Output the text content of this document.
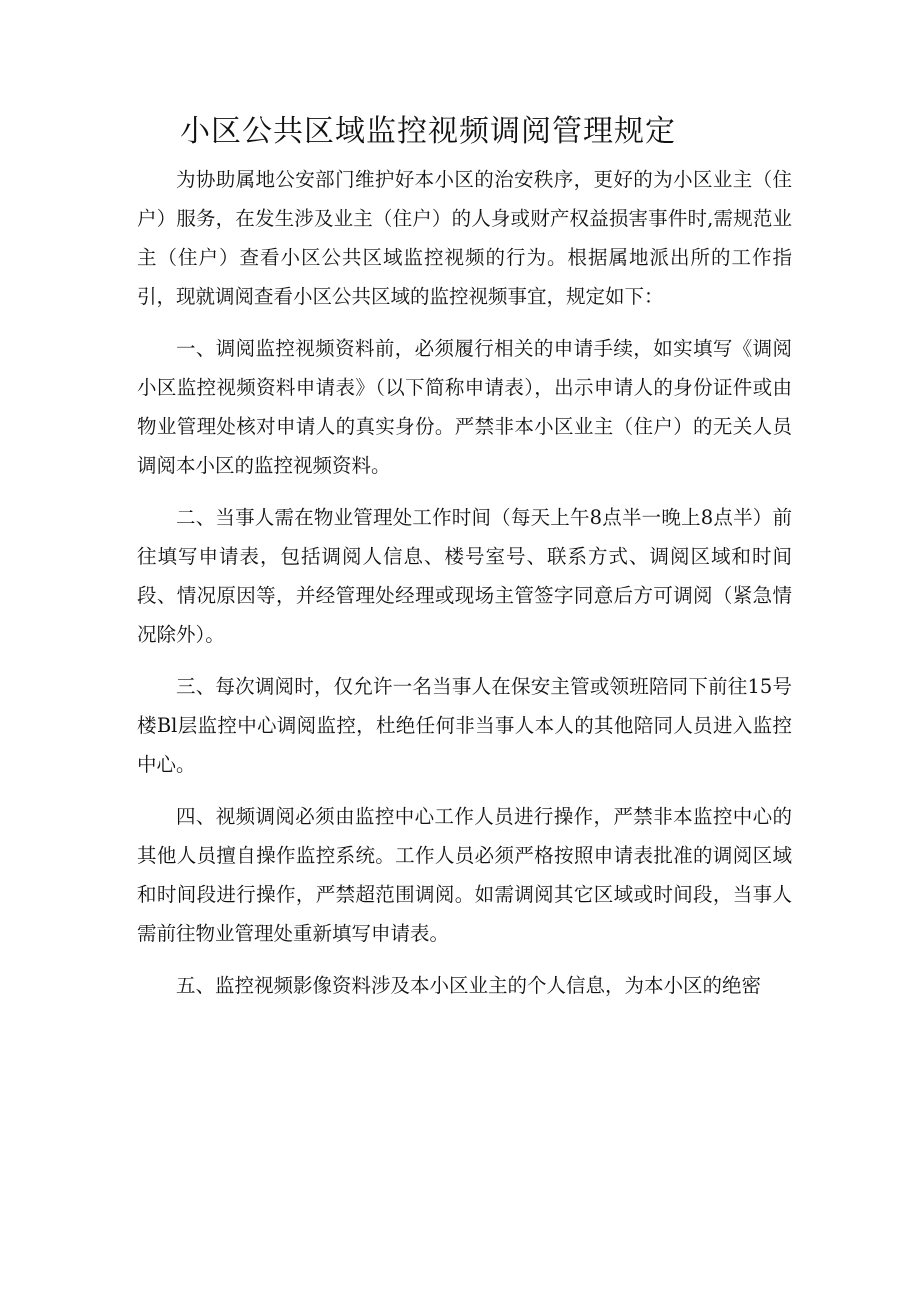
小区公共区域监控视频调阅管理规定

为协助属地公安部门维护好本小区的治安秩序，更好的为小区业主（住户）服务，在发生涉及业主（住户）的人身或财产权益损害事件时,需规范业主（住户）查看小区公共区域监控视频的行为。根据属地派出所的工作指引，现就调阅查看小区公共区域的监控视频事宜，规定如下：

一、调阅监控视频资料前，必须履行相关的申请手续，如实填写《调阅小区监控视频资料申请表》（以下简称申请表），出示申请人的身份证件或由物业管理处核对申请人的真实身份。严禁非本小区业主（住户）的无关人员调阅本小区的监控视频资料。

二、当事人需在物业管理处工作时间（每天上午8点半一晚上8点半）前往填写申请表，包括调阅人信息、楼号室号、联系方式、调阅区域和时间段、情况原因等，并经管理处经理或现场主管签字同意后方可调阅（紧急情况除外）。

三、每次调阅时，仅允许一名当事人在保安主管或领班陪同下前往15号楼Bl层监控中心调阅监控，杜绝任何非当事人本人的其他陪同人员进入监控中心。

四、视频调阅必须由监控中心工作人员进行操作，严禁非本监控中心的其他人员擅自操作监控系统。工作人员必须严格按照申请表批准的调阅区域和时间段进行操作，严禁超范围调阅。如需调阅其它区域或时间段，当事人需前往物业管理处重新填写申请表。

五、监控视频影像资料涉及本小区业主的个人信息，为本小区的绝密
